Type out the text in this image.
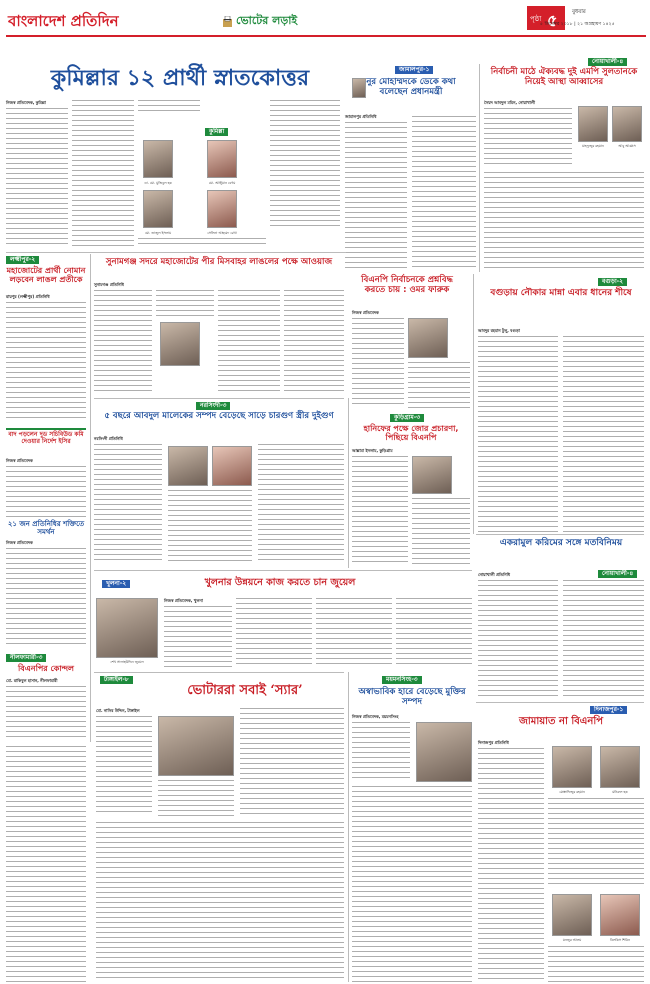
বাংলাদেশ প্রতিদিন	ভোটের লড়াই	পৃষ্ঠা ৫	বুধবার
৫ ডিসেম্বর ২০১৮ | ২১ অগ্রহায়ণ ১৪২৫
কুমিল্লার ১২ প্রার্থী স্নাতকোত্তর
নিজস্ব প্রতিবেদক, কুমিল্লা
কুমিল্লা
ডা. মো. মুজিবুল হক	মো. আঞ্জুমান বেগম
মো. তাজুল ইসলাম	সেলিনা আহমেদ রেখা
জামালপুর-১
নুর মোহাম্মদকে ডেকে কথা বলেছেন প্রধানমন্ত্রী
জামালপুর প্রতিনিধি
নোয়াখালী-৪
নির্বাচনী মাঠে ঐক্যবদ্ধ দুই এমপি সুলতানকে নিয়েই আস্থা আব্বাসের
সৈয়দ আবদুল মমিন, নোয়াখালী
মাহফুজুর রহমান	আবু আব্বাস
লক্ষ্মীপুর-২
মহাজোটের প্রার্থী নোমান লড়বেন লাঙল প্রতীকে
রায়পুর (লক্ষ্মীপুর) প্রতিনিধি
বাদ পড়লেন দুড সচিবিউড কমি দেওয়ার নির্দেশ ইসির
নিজস্ব প্রতিবেদক
২১ জন প্রতিনিধির শক্তিতে সমর্থন
নিজস্ব প্রতিবেদক
নীলফামারী-৩
বিএনপির কোন্দল
মো. রাকিবুল হাসান, নীলফামারী
সুনামগঞ্জ সদরে মহাজোটের পীর মিসবাহর লাঙলের পক্ষে আওয়াজ
সুনামগঞ্জ প্রতিনিধি	বিএনপি নির্বাচনকে প্রশ্নবিদ্ধ করতে চায় : ওমর ফারুক
নিজস্ব প্রতিবেদক
বগুড়া-২
বগুড়ায় নৌকার মান্না এবার ধানের শীষে
আবদুর রহমান টুলু, বগুড়া
নরসিংদী-৩
৫ বছরে আবদুল মালেকের সম্পদ বেড়েছে সাড়ে চারগুণ স্ত্রীর দুইগুণ
নরসিংদী প্রতিনিধি
কুড়িগ্রাম-৩
হানিফের পক্ষে জোর প্রচারণা, পিছিয়ে বিএনপি
আল্লামা ইসলাম, কুড়িগ্রাম
একরামুল করিমের সঙ্গে মতবিনিময়
নোয়াখালী-৪
নোয়াখালী প্রতিনিধি
খুলনা-২	খুলনার উন্নয়নে কাজ করতে চান জুয়েল
শেখ সালাহউদ্দিন জুয়েল
নিজস্ব প্রতিবেদক, খুলনা
টাঙ্গাইল-৮
ভোটাররা সবাই ‘স্যার’
মো. নাসির উদ্দিন, টাঙ্গাইল
ময়মনসিংহ-৩
অস্বাভাবিক হারে বেড়েছে মুক্তির সম্পদ
নিজস্ব প্রতিবেদক, ময়মনসিংহ
দিনাজপুর-১
জামায়াত না বিএনপি
দিনাজপুর প্রতিনিধি
মোস্তাফিজুর রহমান	মনিরুল হক
মনজুর আলম	বিলকিস শিরিন
